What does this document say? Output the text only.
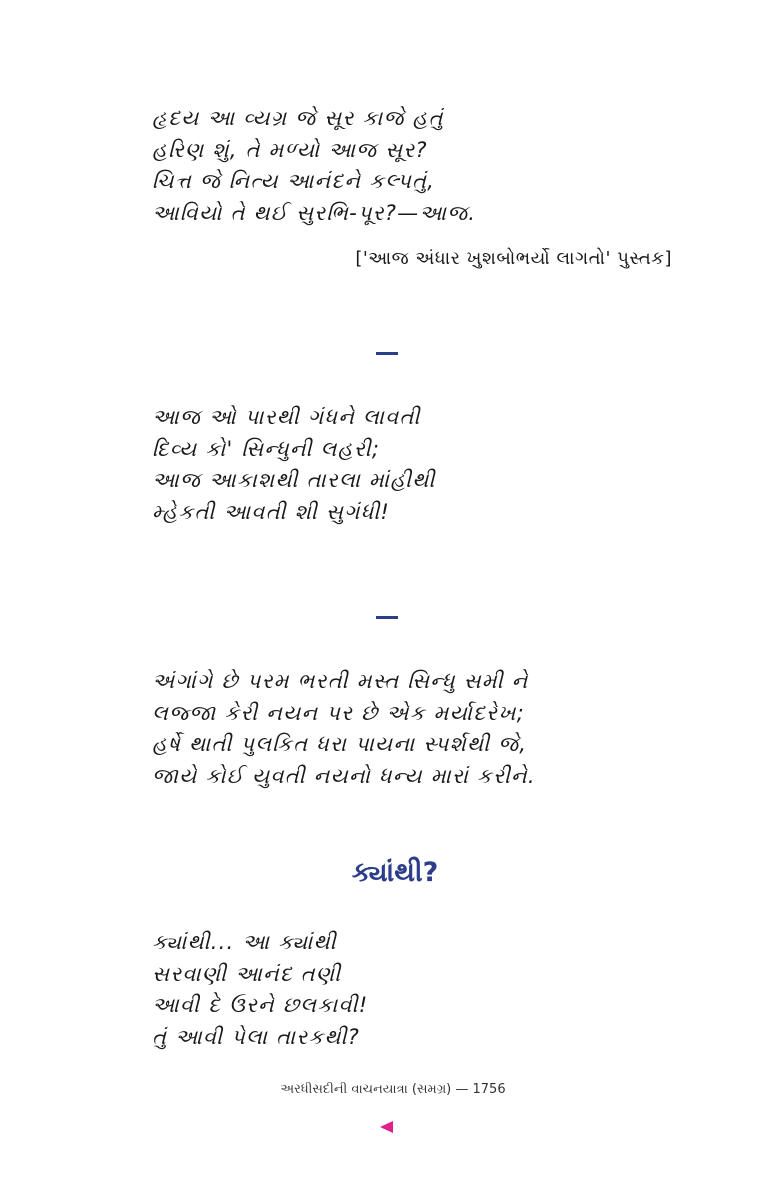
હૃદય આ વ્યગ્ર જે સૂર કાજે હતું
હરિણ શું, તે મળ્યો આજ સૂર?
ચિત્ત જે નિત્ય આનંદને કલ્પતું,
આવિયો તે થઈ સુરભિ-પૂર?—આજ.
['આજ અંધાર ખુશબોભર્યો લાગતો' પુસ્તક]
આજ ઓ પારથી ગંધને લાવતી
દિવ્ય કો' સિન્ધુની લહરી;
આજ આકાશથી તારલા માંહીથી
મ્હેકતી આવતી શી સુગંધી!
અંગાંગે છે પરમ ભરતી મસ્ત સિન્ધુ સમી ને
લજ્જા કેરી નયન પર છે એક મર્યાદરેખ;
હર્ષે થાતી પુલકિત ધરા પાયના સ્પર્શથી જે,
જાયે કોઈ યુવતી નયનો ધન્ય મારાં કરીને.
ક્યાંથી?
ક્યાંથી... આ ક્યાંથી
સરવાણી આનંદ તણી
આવી દે ઉરને છલકાવી!
તું આવી પેલા તારકથી?
અરધીસદીની વાચનયાત્રા (સમગ્ર) — 1756
